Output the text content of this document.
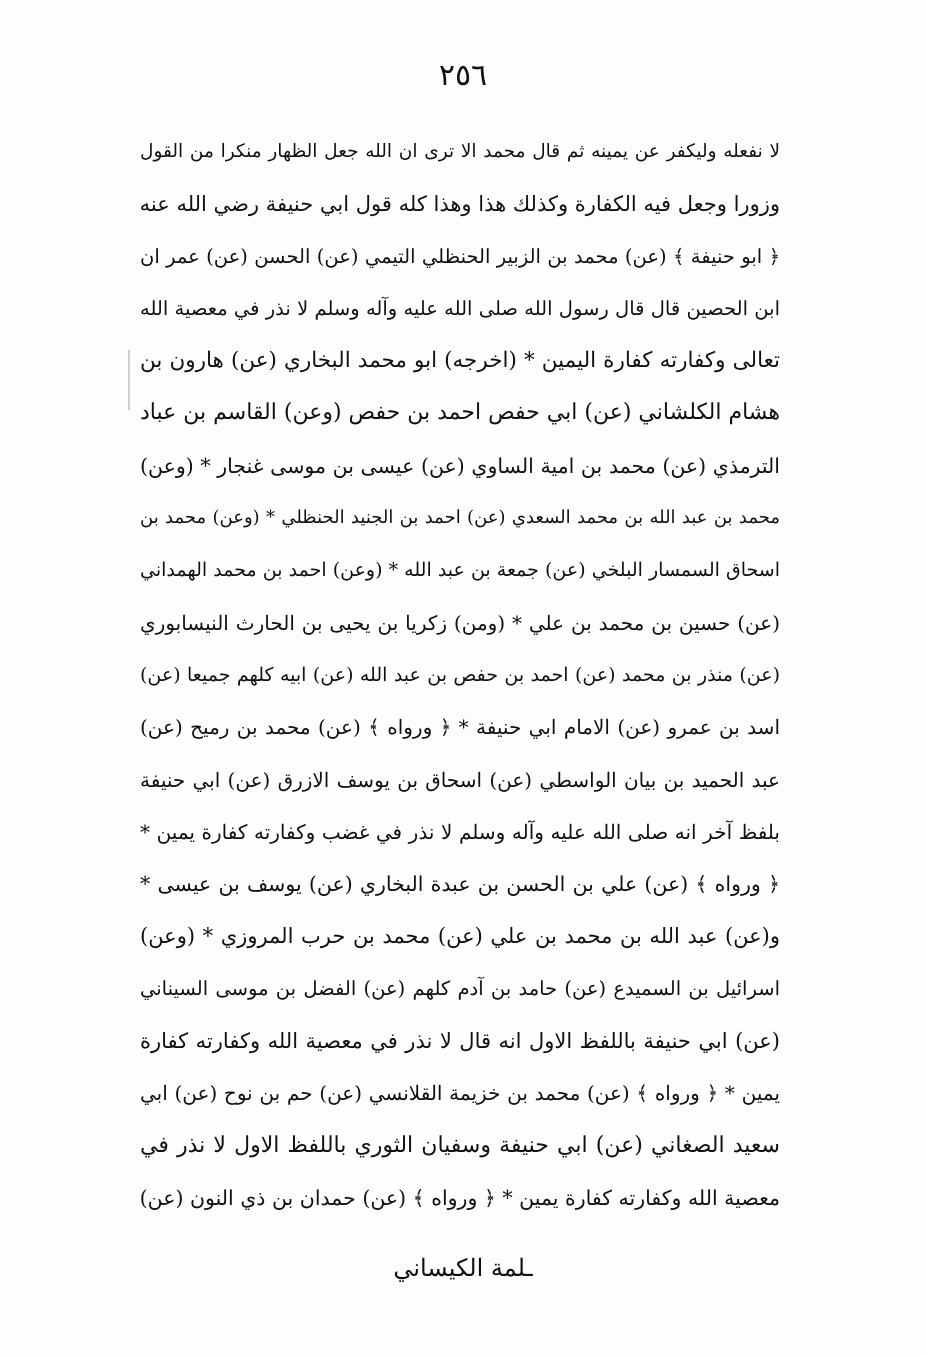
٢٥٦
لا نفعله وليكفر عن يمينه ثم قال محمد الا ترى ان الله جعل الظهار منكرا من القول
وزورا وجعل فيه الكفارة وكذلك هذا وهذا كله قول ابي حنيفة رضي الله عنه
﴿ ابو حنيفة ﴾ (عن) محمد بن الزبير الحنظلي التيمي (عن) الحسن (عن) عمر ان
ابن الحصين قال قال رسول الله صلى الله عليه وآله وسلم لا نذر في معصية الله
تعالى وكفارته كفارة اليمين * (اخرجه) ابو محمد البخاري (عن) هارون بن
هشام الكلشاني (عن) ابي حفص احمد بن حفص (وعن) القاسم بن عباد
الترمذي (عن) محمد بن امية الساوي (عن) عيسى بن موسى غنجار * (وعن)
محمد بن عبد الله بن محمد السعدي (عن) احمد بن الجنيد الحنظلي * (وعن) محمد بن
اسحاق السمسار البلخي (عن) جمعة بن عبد الله * (وعن) احمد بن محمد الهمداني
(عن) حسين بن محمد بن علي * (ومن) زكريا بن يحيى بن الحارث النيسابوري
(عن) منذر بن محمد (عن) احمد بن حفص بن عبد الله (عن) ابيه كلهم جميعا (عن)
اسد بن عمرو (عن) الامام ابي حنيفة * ﴿ ورواه ﴾ (عن) محمد بن رميح (عن)
عبد الحميد بن بيان الواسطي (عن) اسحاق بن يوسف الازرق (عن) ابي حنيفة
بلفظ آخر انه صلى الله عليه وآله وسلم لا نذر في غضب وكفارته كفارة يمين *
﴿ ورواه ﴾ (عن) علي بن الحسن بن عبدة البخاري (عن) يوسف بن عيسى *
و(عن) عبد الله بن محمد بن علي (عن) محمد بن حرب المروزي * (وعن)
اسرائيل بن السميدع (عن) حامد بن آدم كلهم (عن) الفضل بن موسى السيناني
(عن) ابي حنيفة باللفظ الاول انه قال لا نذر في معصية الله وكفارته كفارة
يمين * ﴿ ورواه ﴾ (عن) محمد بن خزيمة القلانسي (عن) حم بن نوح (عن) ابي
سعيد الصغاني (عن) ابي حنيفة وسفيان الثوري باللفظ الاول لا نذر في
معصية الله وكفارته كفارة يمين * ﴿ ورواه ﴾ (عن) حمدان بن ذي النون (عن)
ـلمة الكيساني
